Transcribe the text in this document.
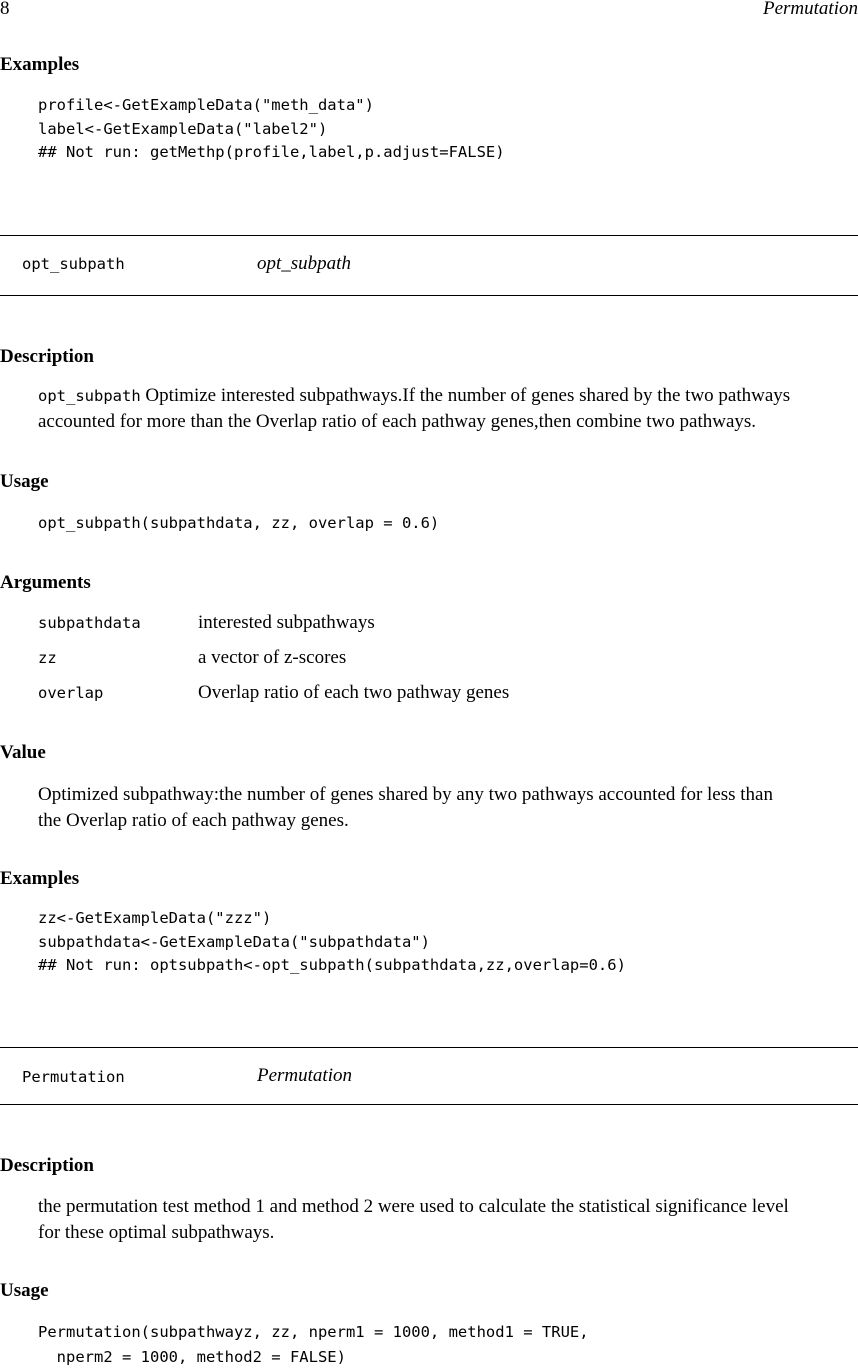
8	Permutation
Examples
profile<-GetExampleData("meth_data")
label<-GetExampleData("label2")
## Not run: getMethp(profile,label,p.adjust=FALSE)
opt_subpath	opt_subpath
Description
opt_subpath Optimize interested subpathways.If the number of genes shared by the two pathways
accounted for more than the Overlap ratio of each pathway genes,then combine two pathways.
Usage
opt_subpath(subpathdata, zz, overlap = 0.6)
Arguments
subpathdata	interested subpathways
zz	a vector of z-scores
overlap	Overlap ratio of each two pathway genes
Value
Optimized subpathway:the number of genes shared by any two pathways accounted for less than
the Overlap ratio of each pathway genes.
Examples
zz<-GetExampleData("zzz")
subpathdata<-GetExampleData("subpathdata")
## Not run: optsubpath<-opt_subpath(subpathdata,zz,overlap=0.6)
Permutation	Permutation
Description
the permutation test method 1 and method 2 were used to calculate the statistical significance level
for these optimal subpathways.
Usage
Permutation(subpathwayz, zz, nperm1 = 1000, method1 = TRUE,
nperm2 = 1000, method2 = FALSE)
